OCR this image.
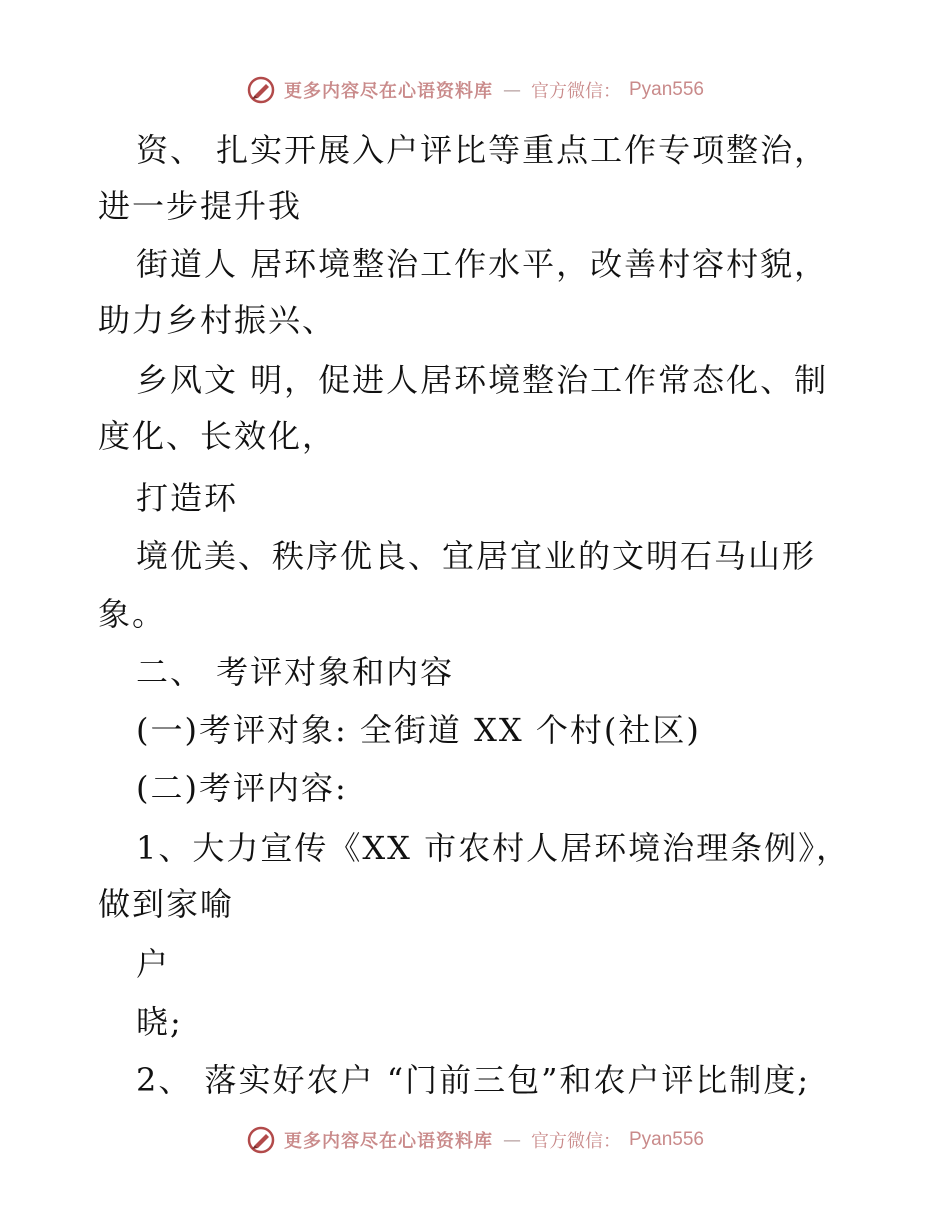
更多内容尽在心语资料库 — 官方微信： Pyan556
资、 扎实开展入户评比等重点工作专项整治，
进一步提升我
街道人 居环境整治工作水平，改善村容村貌，
助力乡村振兴、
乡风文 明，促进人居环境整治工作常态化、制
度化、长效化，
打造环
境优美、秩序优良、宜居宜业的文明石马山形
象。
二、 考评对象和内容
(一)考评对象: 全街道 XX 个村(社区)
(二)考评内容:
1、大力宣传《XX 市农村人居环境治理条例》，
做到家喻
户
晓;
2、 落实好农户 “门前三包”和农户评比制度;
更多内容尽在心语资料库 — 官方微信： Pyan556
